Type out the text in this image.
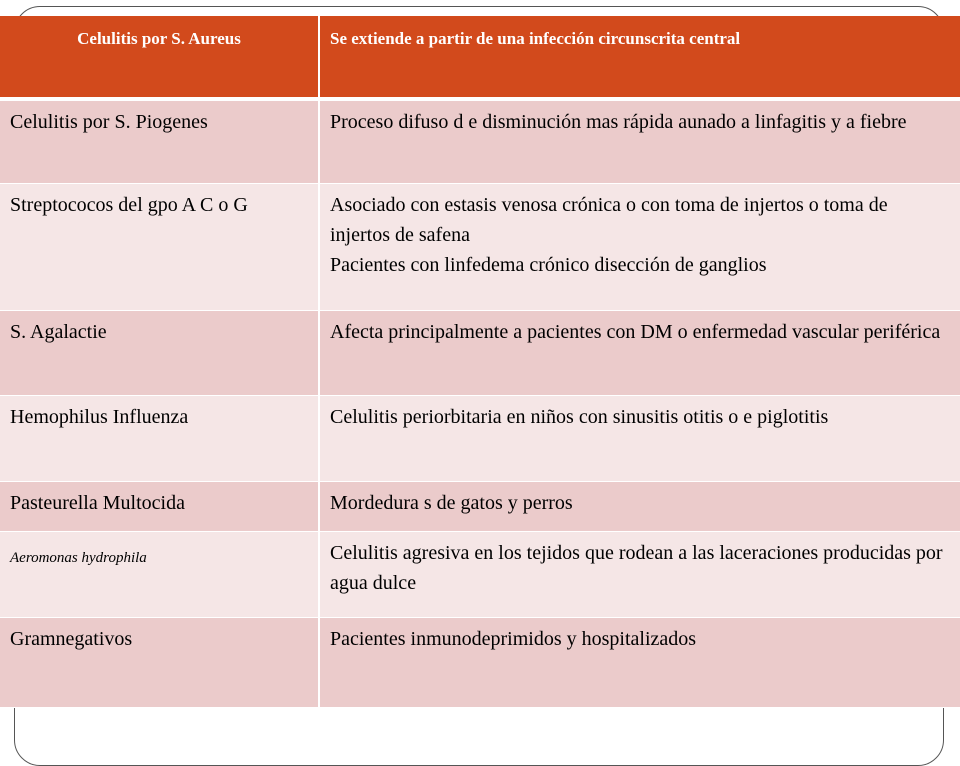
Celulitis por S. Aureus	Se extiende a partir de una infección circunscrita central

Celulitis por S. Piogenes	Proceso difuso d e disminución mas rápida aunado a linfagitis y a fiebre

Streptococos del gpo A C o G	Asociado con estasis venosa crónica o con toma de injertos o toma de injertos de safena
Pacientes con linfedema crónico disección de ganglios

S. Agalactie	Afecta principalmente a pacientes con DM o enfermedad vascular periférica

Hemophilus Influenza	Celulitis periorbitaria en niños con sinusitis otitis o e piglotitis

Pasteurella Multocida	Mordedura s de gatos y perros

Aeromonas hydrophila	Celulitis agresiva en los tejidos que rodean a las laceraciones producidas por agua dulce

Gramnegativos	Pacientes inmunodeprimidos y hospitalizados
